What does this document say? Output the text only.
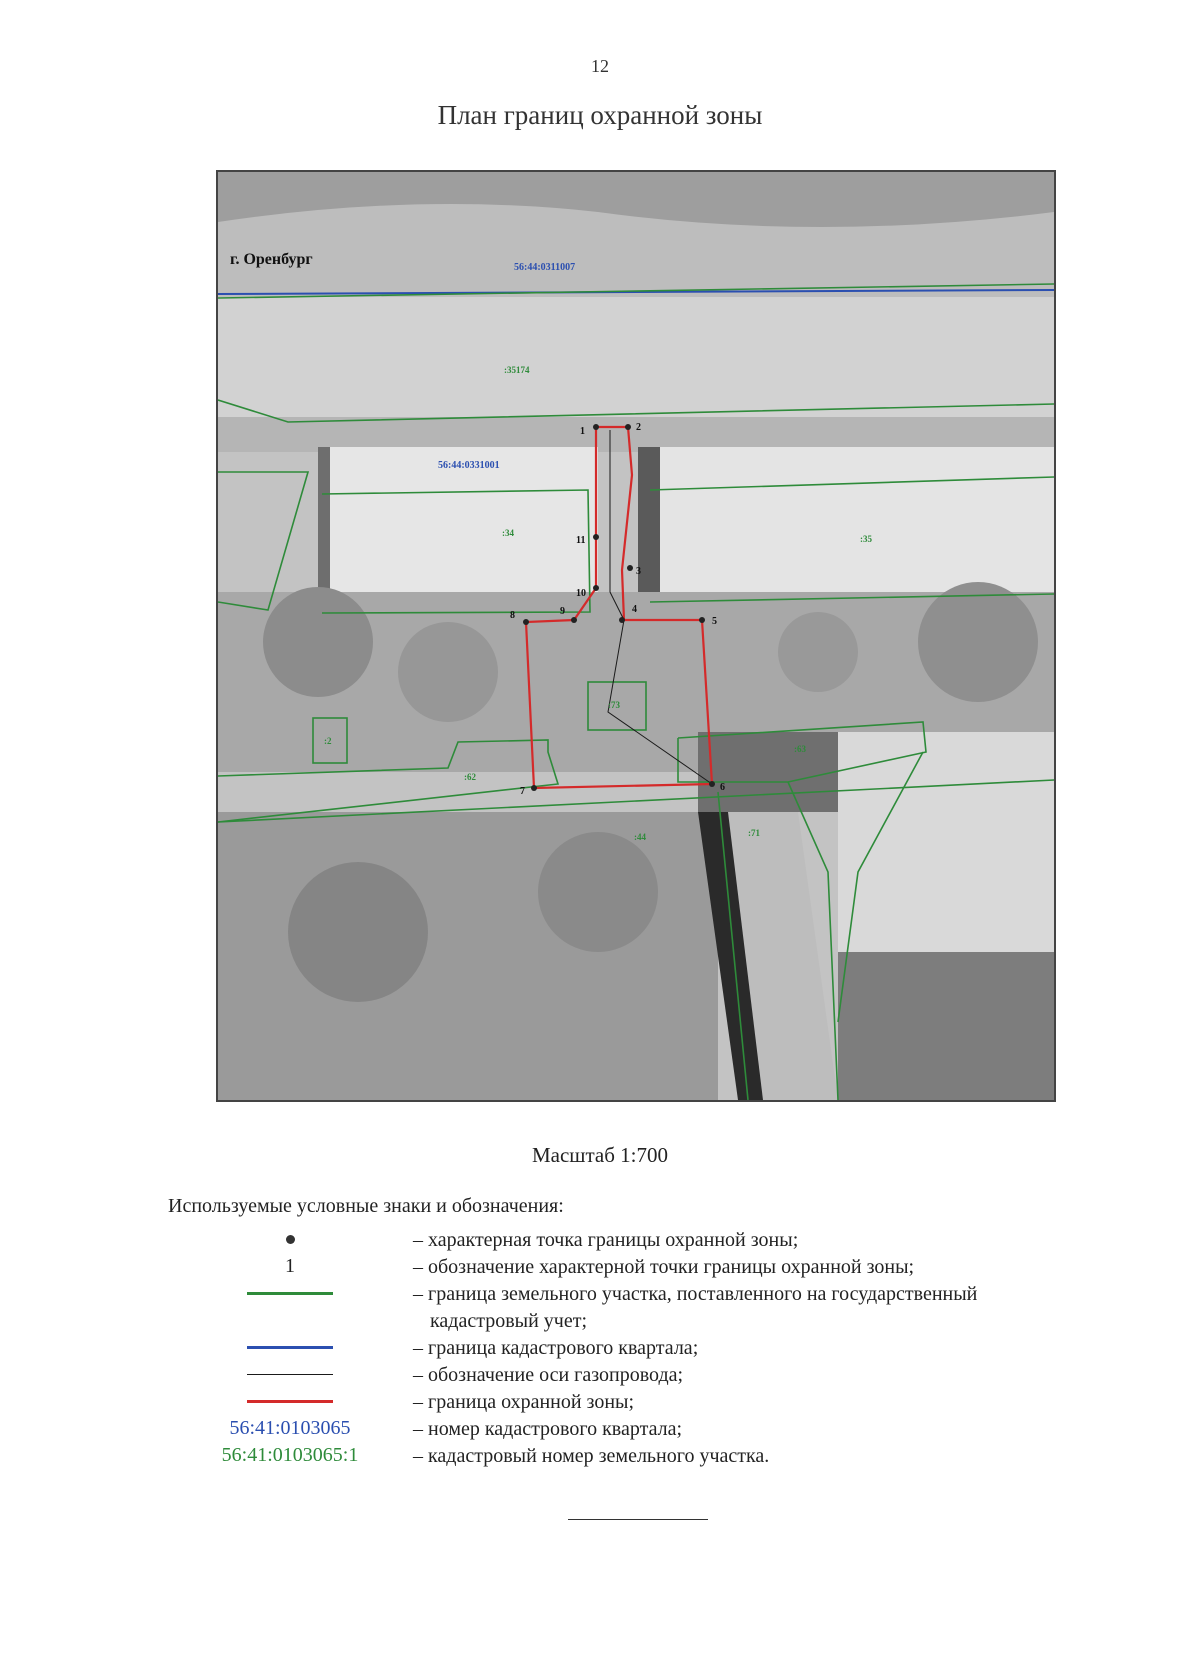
12
План границ охранной зоны
1	2
3
4
5
6
7
8	9
10
11
г. Оренбург	56:44:0311007
56:44:0331001
:35174
:34
:35
:73
:2
:62
:63
:44	:71
Масштаб 1:700
Используемые условные знаки и обозначения:
– характерная точка границы охранной зоны;
1	– обозначение характерной точки границы охранной зоны;
– граница земельного участка, поставленного на государственный
кадастровый учет;
– граница кадастрового квартала;
– обозначение оси газопровода;
– граница охранной зоны;
56:41:0103065	– номер кадастрового квартала;
56:41:0103065:1	– кадастровый номер земельного участка.
